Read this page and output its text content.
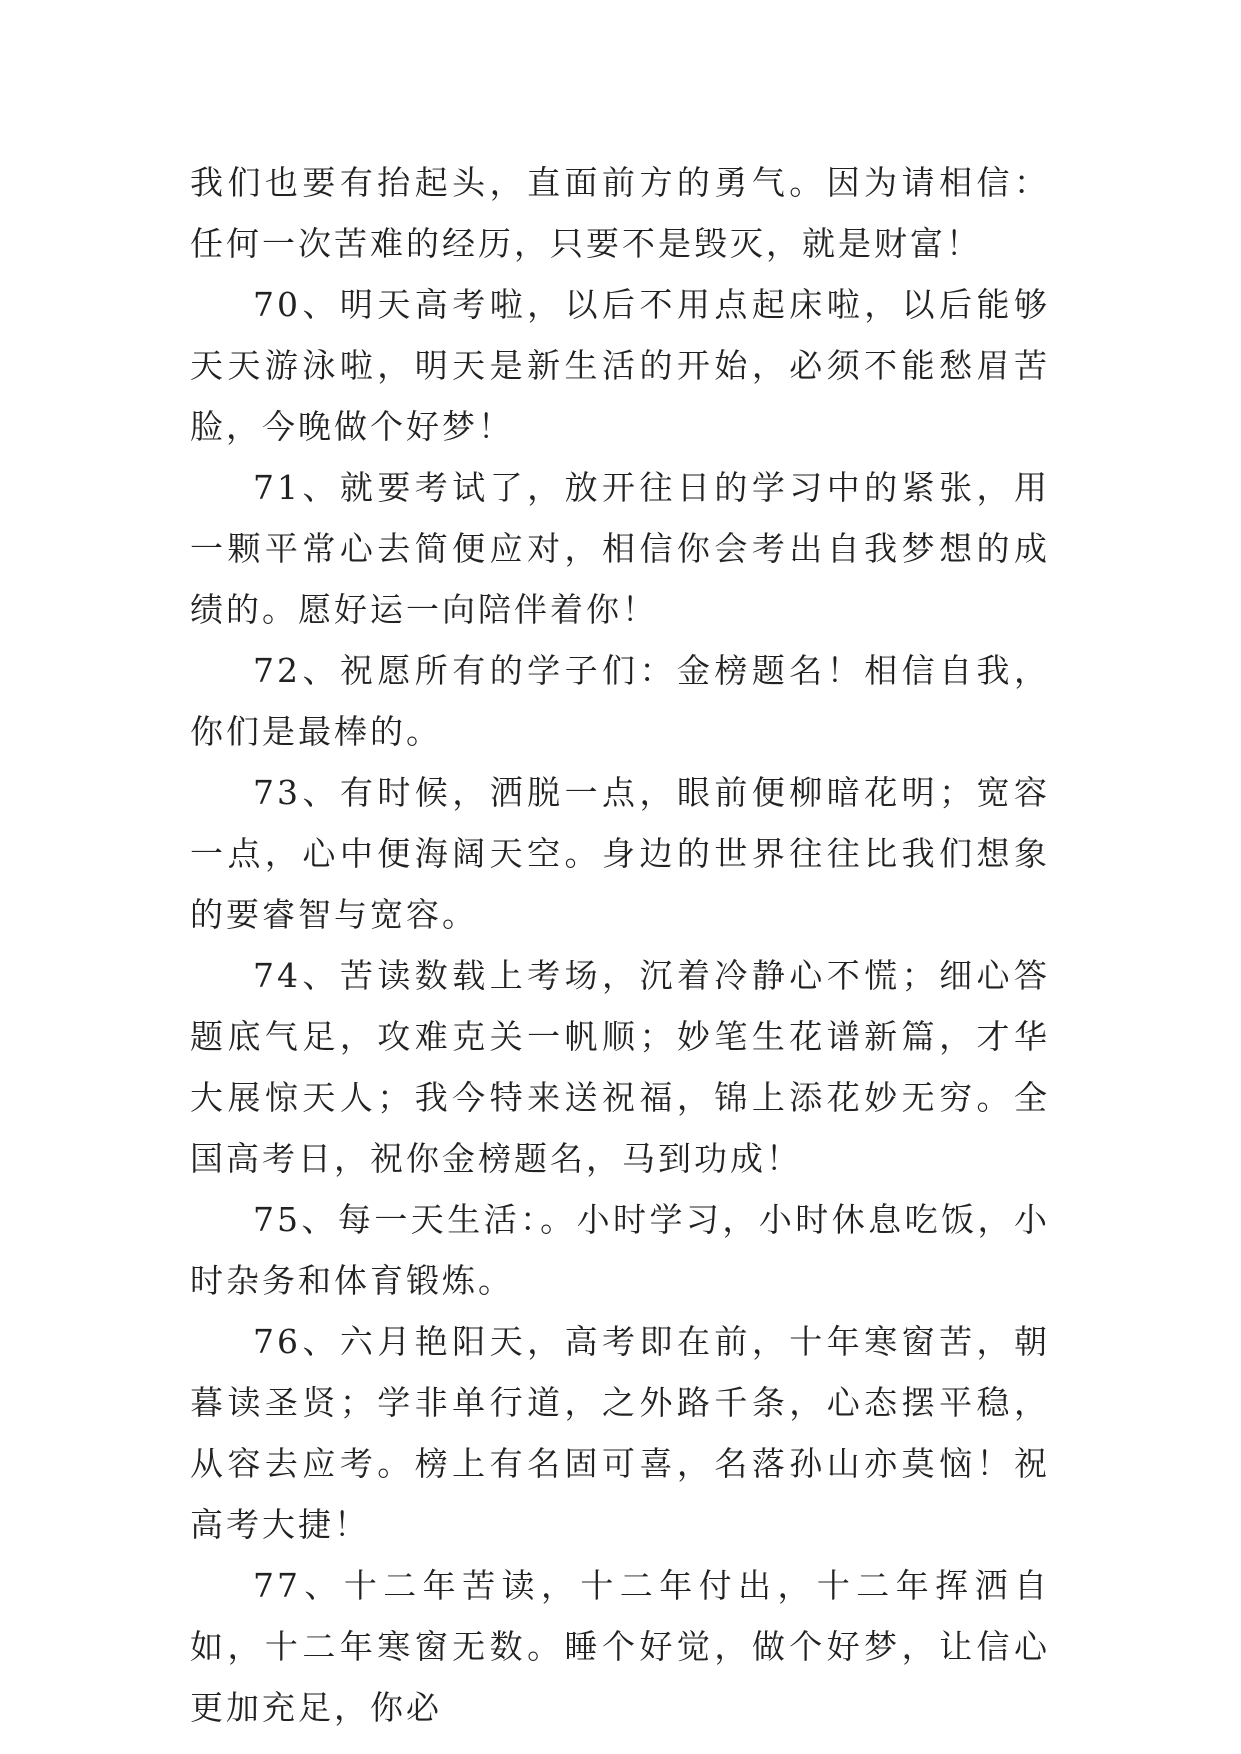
我们也要有抬起头，直面前方的勇气。因为请相信：任何一次苦难的经历，只要不是毁灭，就是财富！

70、明天高考啦，以后不用点起床啦，以后能够天天游泳啦，明天是新生活的开始，必须不能愁眉苦脸，今晚做个好梦！

71、就要考试了，放开往日的学习中的紧张，用一颗平常心去简便应对，相信你会考出自我梦想的成绩的。愿好运一向陪伴着你！

72、祝愿所有的学子们：金榜题名！相信自我，你们是最棒的。

73、有时候，洒脱一点，眼前便柳暗花明；宽容一点，心中便海阔天空。身边的世界往往比我们想象的要睿智与宽容。

74、苦读数载上考场，沉着冷静心不慌；细心答题底气足，攻难克关一帆顺；妙笔生花谱新篇，才华大展惊天人；我今特来送祝福，锦上添花妙无穷。全国高考日，祝你金榜题名，马到功成！

75、每一天生活：。小时学习，小时休息吃饭，小时杂务和体育锻炼。

76、六月艳阳天，高考即在前，十年寒窗苦，朝暮读圣贤；学非单行道，之外路千条，心态摆平稳，从容去应考。榜上有名固可喜，名落孙山亦莫恼！祝高考大捷！

77、十二年苦读，十二年付出，十二年挥洒自如，十二年寒窗无数。睡个好觉，做个好梦，让信心更加充足，你必
